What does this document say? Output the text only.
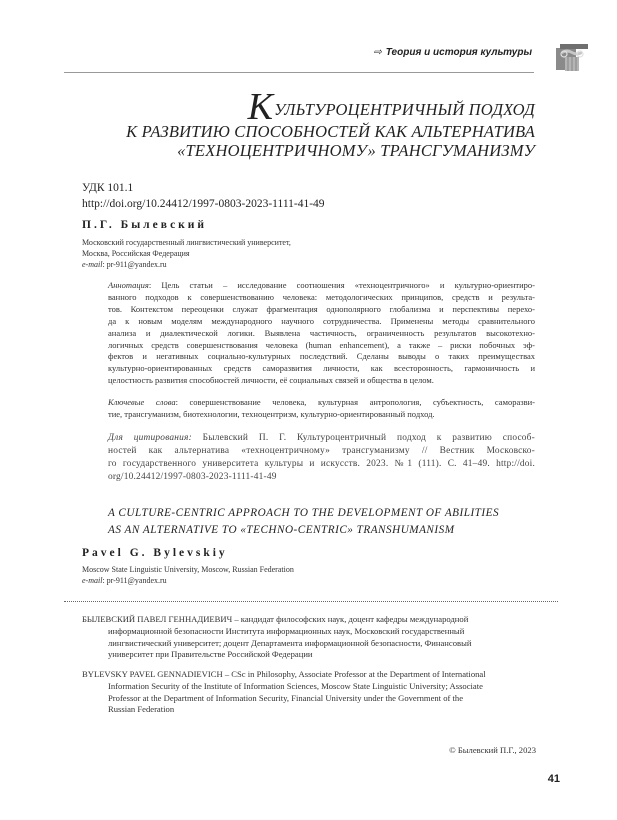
⇨ Теория и история культуры
КУЛЬТУРОЦЕНТРИЧНЫЙ ПОДХОД
К РАЗВИТИЮ СПОСОБНОСТЕЙ КАК АЛЬТЕРНАТИВА
«ТЕХНОЦЕНТРИЧНОМУ» ТРАНСГУМАНИЗМУ
УДК 101.1
http://doi.org/10.24412/1997-0803-2023-1111-41-49
П.Г. Былевский
Московский государственный лингвистический университет,
Москва, Российская Федерация
e-mail: pr-911@yandex.ru
Аннотация: Цель статьи – исследование соотношения «техноцентричного» и культурно-ориентиро-
ванного подходов к совершенствованию человека: методологических принципов, средств и результа-
тов. Контекстом переоценки служат фрагментация однополярного глобализма и перспективы перехо-
да к новым моделям международного научного сотрудничества. Применены методы сравнительного
анализа и диалектической логики. Выявлена частичность, ограниченность результатов высокотехно-
логичных средств совершенствования человека (human enhancement), а также – риски побочных эф-
фектов и негативных социально-культурных последствий. Сделаны выводы о таких преимуществах
культурно-ориентированных средств саморазвития личности, как всесторонность, гармоничность и
целостность развития способностей личности, её социальных связей и общества в целом.
Ключевые слова: совершенствование человека, культурная антропология, субъектность, саморазви-
тие, трансгуманизм, биотехнологии, техноцентризм, культурно-ориентированный подход.
Для цитирования: Былевский П. Г. Культуроцентричный подход к развитию способ-
ностей как альтернатива «техноцентричному» трансгуманизму // Вестник Московско-
го государственного университета культуры и искусств. 2023. №1 (111). С. 41–49. http://doi.
org/10.24412/1997-0803-2023-1111-41-49
A CULTURE-CENTRIC APPROACH TO THE DEVELOPMENT OF ABILITIES
AS AN ALTERNATIVE TO «TECHNO-CENTRIC» TRANSHUMANISM
Pavel G. Bylevskiy
Moscow State Linguistic University, Moscow, Russian Federation
e-mail: pr-911@yandex.ru
БЫЛЕВСКИЙ ПАВЕЛ ГЕННАДИЕВИЧ – кандидат философских наук, доцент кафедры международной
информационной безопасности Института информационных наук, Московский государственный
лингвистический университет; доцент Департамента информационной безопасности, Финансовый
университет при Правительстве Российской Федерации
BYLEVSKY PAVEL GENNADIEVICH – CSc in Philosophy, Associate Professor at the Department of International
Information Security of the Institute of Information Sciences, Moscow State Linguistic University; Associate
Professor at the Department of Information Security, Financial University under the Government of the
Russian Federation
© Былевский П.Г., 2023
41
